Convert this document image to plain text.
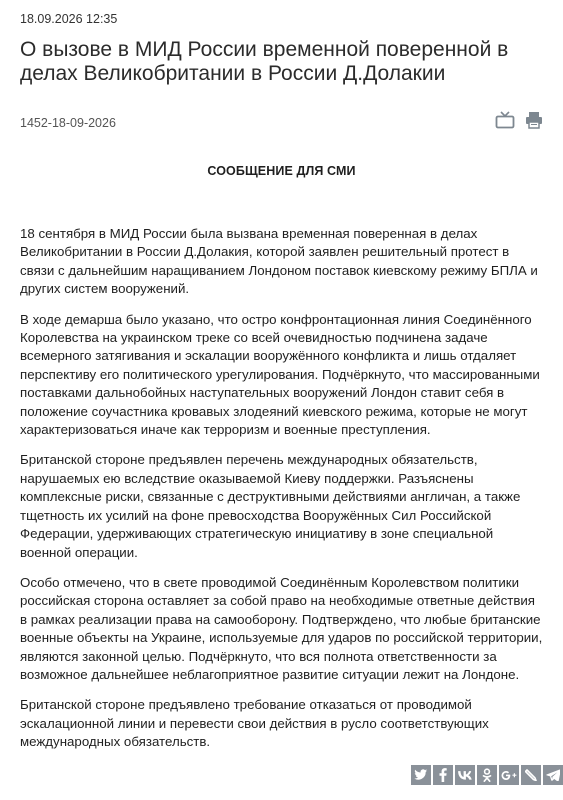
18.09.2026 12:35
О вызове в МИД России временной поверенной в делах Великобритании в России Д.Долакии
1452-18-09-2026
СООБЩЕНИЕ ДЛЯ СМИ

18 сентября в МИД России была вызвана временная поверенная в делах Великобритании в России Д.Долакия, которой заявлен решительный протест в связи с дальнейшим наращиванием Лондоном поставок киевскому режиму БПЛА и других систем вооружений.

В ходе демарша было указано, что остро конфронтационная линия Соединённого Королевства на украинском треке со всей очевидностью подчинена задаче всемерного затягивания и эскалации вооружённого конфликта и лишь отдаляет перспективу его политического урегулирования. Подчёркнуто, что массированными поставками дальнобойных наступательных вооружений Лондон ставит себя в положение соучастника кровавых злодеяний киевского режима, которые не могут характеризоваться иначе как терроризм и военные преступления.

Британской стороне предъявлен перечень международных обязательств, нарушаемых ею вследствие оказываемой Киеву поддержки. Разъяснены комплексные риски, связанные с деструктивными действиями англичан, а также тщетность их усилий на фоне превосходства Вооружённых Сил Российской Федерации, удерживающих стратегическую инициативу в зоне специальной военной операции.

Особо отмечено, что в свете проводимой Соединённым Королевством политики российская сторона оставляет за собой право на необходимые ответные действия в рамках реализации права на самооборону. Подтверждено, что любые британские военные объекты на Украине, используемые для ударов по российской территории, являются законной целью. Подчёркнуто, что вся полнота ответственности за возможное дальнейшее неблагоприятное развитие ситуации лежит на Лондоне.

Британской стороне предъявлено требование отказаться от проводимой эскалационной линии и перевести свои действия в русло соответствующих международных обязательств.
